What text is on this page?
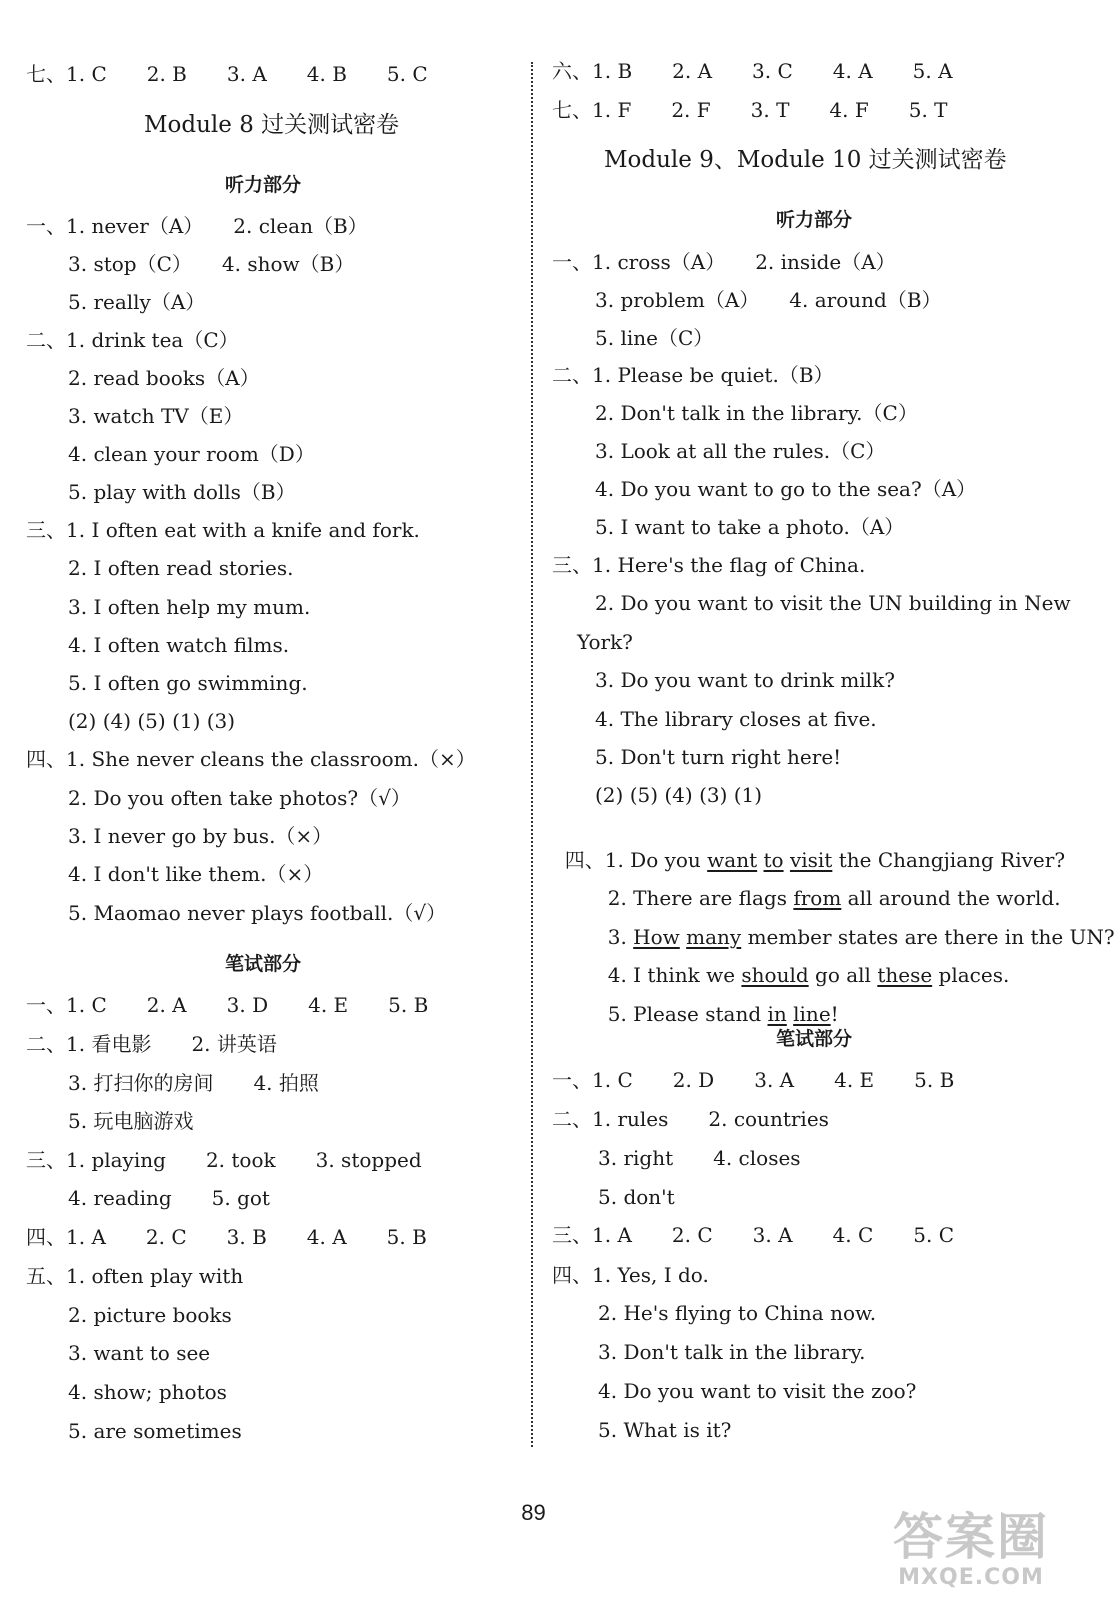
七、1. C　　2. B　　3. A　　4. B　　5. C
Module 8 过关测试密卷
听力部分
一、1. never（A）　　2. clean（B）
3. stop（C）　　4. show（B）
5. really（A）
二、1. drink tea（C）
2. read books（A）
3. watch TV（E）
4. clean your room（D）
5. play with dolls（B）
三、1. I often eat with a knife and fork.
2. I often read stories.
3. I often help my mum.
4. I often watch films.
5. I often go swimming.
(2) (4) (5) (1) (3)
四、1. She never cleans the classroom.（×）
2. Do you often take photos?（√）
3. I never go by bus.（×）
4. I don't like them.（×）
5. Maomao never plays football.（√）
笔试部分
一、1. C　　2. A　　3. D　　4. E　　5. B
二、1. 看电影　　2. 讲英语
3. 打扫你的房间　　4. 拍照
5. 玩电脑游戏
三、1. playing　　2. took　　3. stopped
4. reading　　5. got
四、1. A　　2. C　　3. B　　4. A　　5. B
五、1. often play with
2. picture books
3. want to see
4. show; photos
5. are sometimes
六、1. B　　2. A　　3. C　　4. A　　5. A
七、1. F　　2. F　　3. T　　4. F　　5. T
Module 9、Module 10 过关测试密卷
听力部分
一、1. cross（A）　　2. inside（A）
3. problem（A）　　4. around（B）
5. line（C）
二、1. Please be quiet.（B）
2. Don't talk in the library.（C）
3. Look at all the rules.（C）
4. Do you want to go to the sea?（A）
5. I want to take a photo.（A）
三、1. Here's the flag of China.
2. Do you want to visit the UN building in New
York?
3. Do you want to drink milk?
4. The library closes at five.
5. Don't turn right here!
(2) (5) (4) (3) (1)

四、1. Do you want to visit the Changjiang River?

2. There are flags from all around the world.

3. How many member states are there in the UN?

4. I think we should go all these places.

5. Please stand in line!

笔试部分
一、1. C　　2. D　　3. A　　4. E　　5. B
二、1. rules　　2. countries
3. right　　4. closes
5. don't
三、1. A　　2. C　　3. A　　4. C　　5. C
四、1. Yes, I do.
2. He's flying to China now.
3. Don't talk in the library.
4. Do you want to visit the zoo?
5. What is it?
89	答案圈
MXQE.COM
